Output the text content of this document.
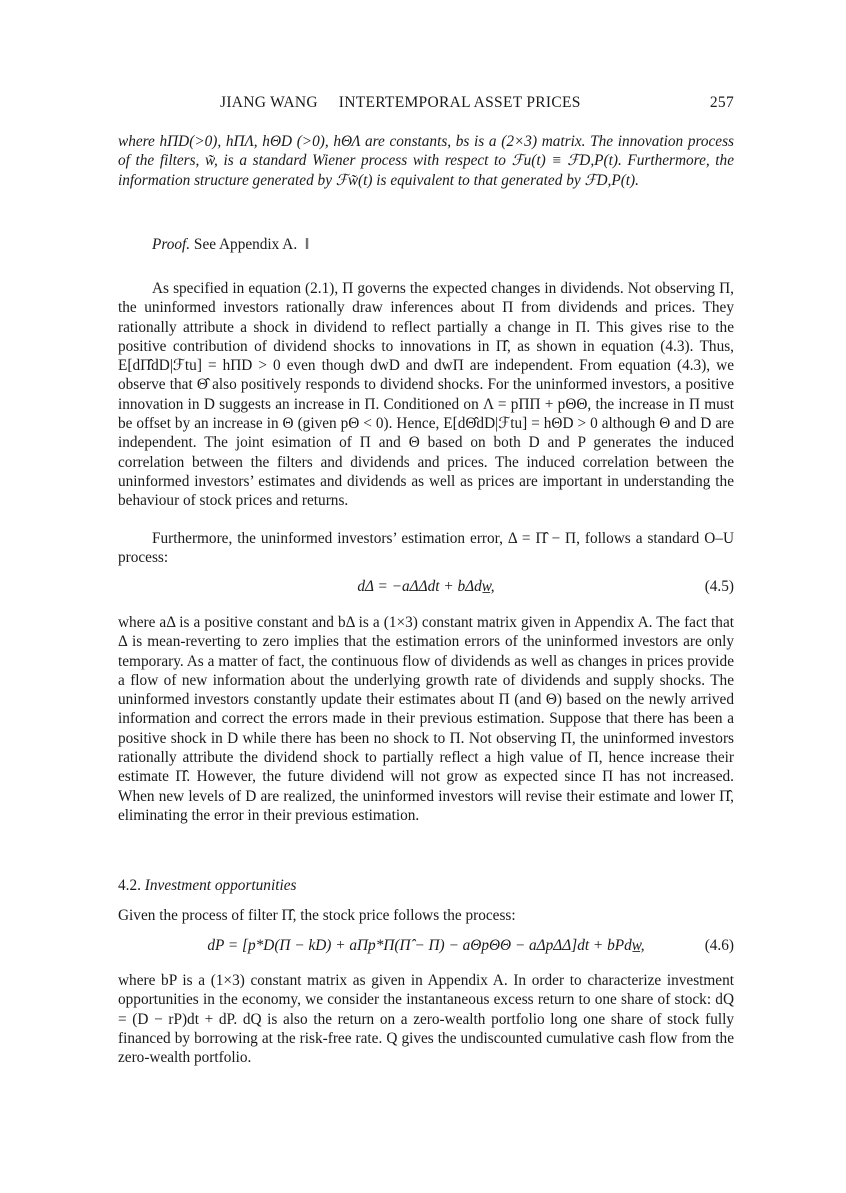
JIANG WANG     INTERTEMPORAL ASSET PRICES	257
where hΠD(>0), hΠΛ, hΘD (>0), hΘΛ are constants, bs is a (2×3) matrix. The innovation process of the filters, w̃, is a standard Wiener process with respect to ℱu(t) ≡ ℱD,P(t). Furthermore, the information structure generated by ℱw̃(t) is equivalent to that generated by ℱD,P(t).
Proof. See Appendix A.  ‖
As specified in equation (2.1), Π governs the expected changes in dividends. Not observing Π, the uninformed investors rationally draw inferences about Π from dividends and prices. They rationally attribute a shock in dividend to reflect partially a change in Π. This gives rise to the positive contribution of dividend shocks to innovations in Π̂, as shown in equation (4.3). Thus, E[dΠ̂dD|ℱtu] = hΠD > 0 even though dwD and dwΠ are independent. From equation (4.3), we observe that Θ̂ also positively responds to dividend shocks. For the uninformed investors, a positive innovation in D suggests an increase in Π. Conditioned on Λ = pΠΠ + pΘΘ, the increase in Π must be offset by an increase in Θ (given pΘ < 0). Hence, E[dΘ̂dD|ℱtu] = hΘD > 0 although Θ and D are independent. The joint esimation of Π and Θ based on both D and P generates the induced correlation between the filters and dividends and prices. The induced correlation between the uninformed investors’ estimates and dividends as well as prices are important in understanding the behaviour of stock prices and returns.
Furthermore, the uninformed investors’ estimation error, Δ = Π̂ − Π, follows a standard O–U process:
dΔ = −aΔΔdt + bΔdw̲,	(4.5)
where aΔ is a positive constant and bΔ is a (1×3) constant matrix given in Appendix A. The fact that Δ is mean-reverting to zero implies that the estimation errors of the uninformed investors are only temporary. As a matter of fact, the continuous flow of dividends as well as changes in prices provide a flow of new information about the underlying growth rate of dividends and supply shocks. The uninformed investors constantly update their estimates about Π (and Θ) based on the newly arrived information and correct the errors made in their previous estimation. Suppose that there has been a positive shock in D while there has been no shock to Π. Not observing Π, the uninformed investors rationally attribute the dividend shock to partially reflect a high value of Π, hence increase their estimate Π̂. However, the future dividend will not grow as expected since Π has not increased. When new levels of D are realized, the uninformed investors will revise their estimate and lower Π̂, eliminating the error in their previous estimation.
4.2. Investment opportunities
Given the process of filter Π̂, the stock price follows the process:
dP = [p*D(Π − kD) + aΠp*Π(Π̂ − Π) − aΘpΘΘ − aΔpΔΔ]dt + bPdw̲,	(4.6)
where bP is a (1×3) constant matrix as given in Appendix A. In order to characterize investment opportunities in the economy, we consider the instantaneous excess return to one share of stock: dQ = (D − rP)dt + dP. dQ is also the return on a zero-wealth portfolio long one share of stock fully financed by borrowing at the risk-free rate. Q gives the undiscounted cumulative cash flow from the zero-wealth portfolio.
